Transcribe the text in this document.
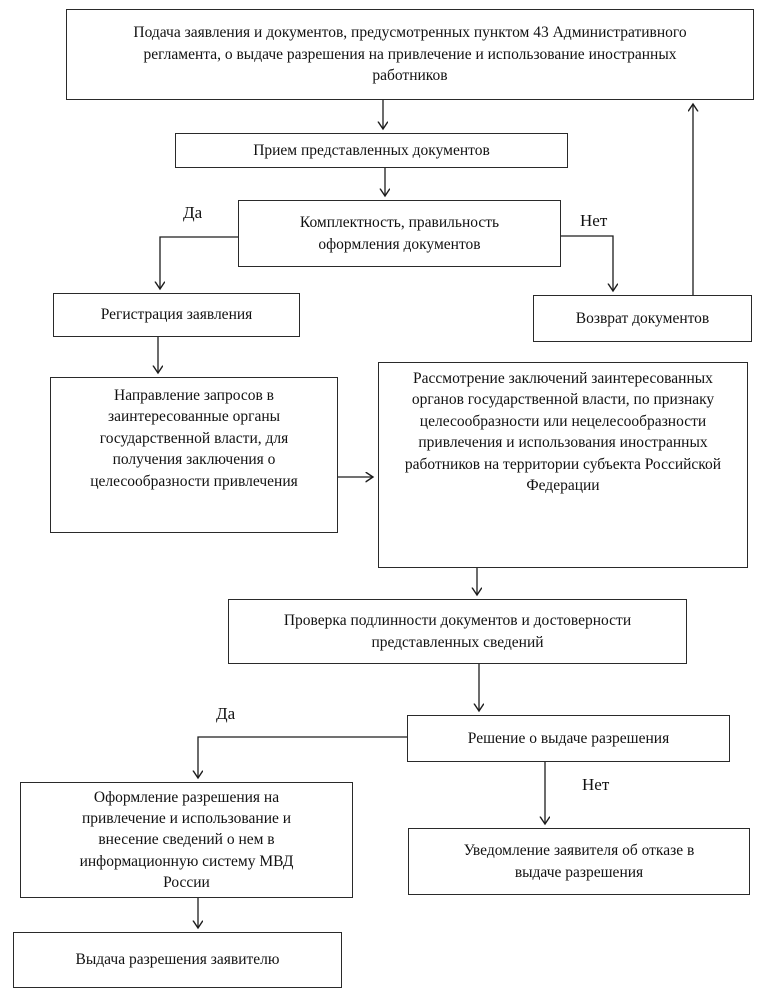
Подача заявления и документов, предусмотренных пунктом 43 Административного регламента, о выдаче разрешения на привлечение и использование иностранных работников
Прием представленных документов
Комплектность, правильность оформления документов
Регистрация заявления	Возврат документов
Направление запросов в заинтересованные органы государственной власти, для получения заключения о целесообразности привлечения
Рассмотрение заключений заинтересованных органов государственной власти, по признаку целесообразности или нецелесообразности привлечения и использования иностранных работников на территории субъекта Российской Федерации
Проверка подлинности документов и достоверности представленных сведений
Решение о выдаче разрешения
Оформление разрешения на привлечение и использование и внесение сведений о нем в информационную систему МВД России
Уведомление заявителя об отказе в выдаче разрешения
Выдача разрешения заявителю
Да	Нет
Да
Нет
